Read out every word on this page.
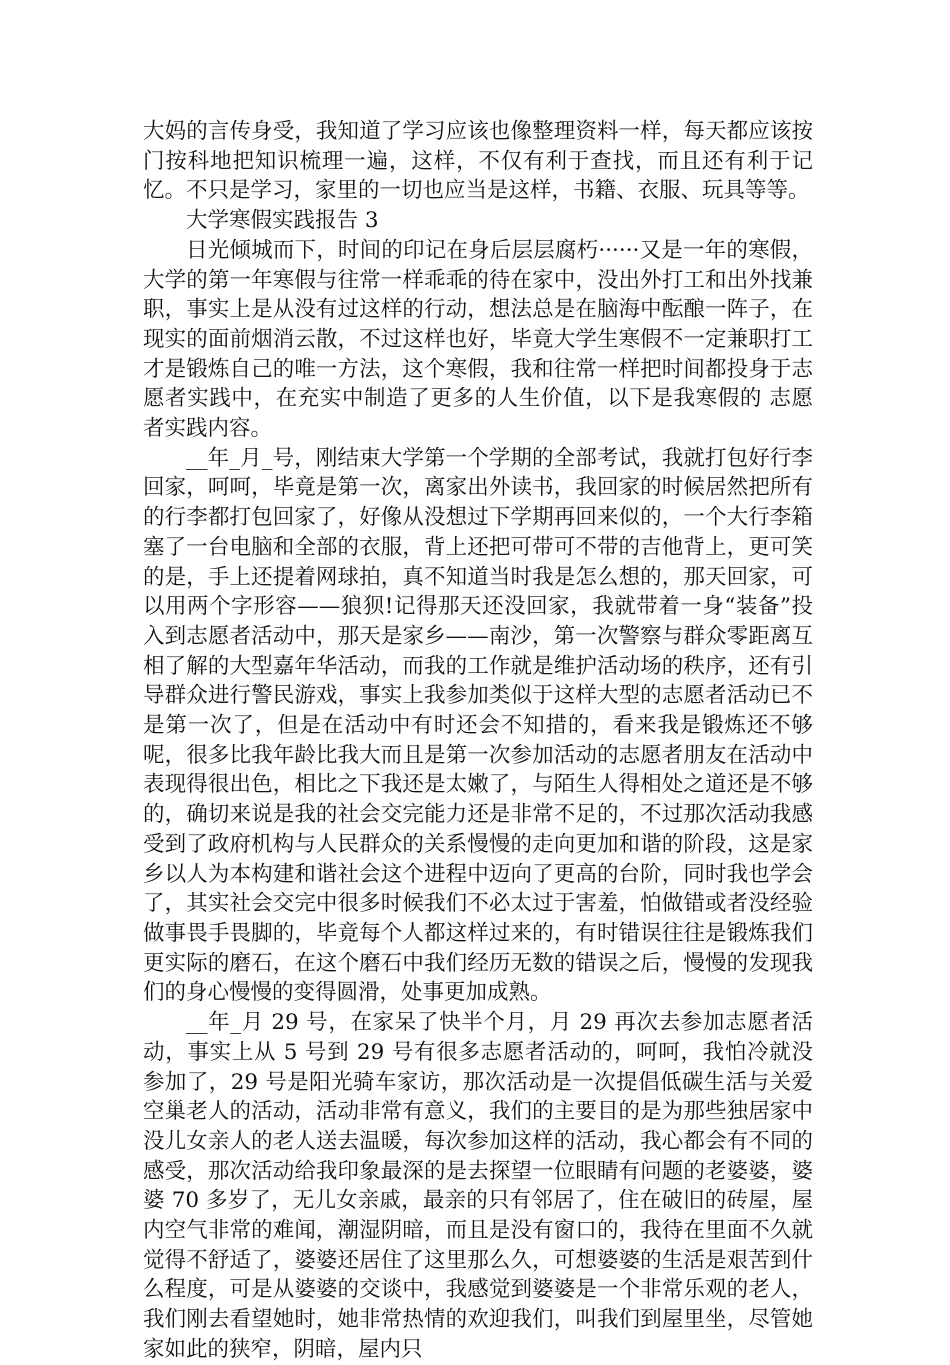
大妈的言传身受，我知道了学习应该也像整理资料一样，每天都应该按门按科地把知识梳理一遍，这样，不仅有利于查找，而且还有利于记忆。不只是学习，家里的一切也应当是这样，书籍、衣服、玩具等等。

大学寒假实践报告 3

日光倾城而下，时间的印记在身后层层腐朽······又是一年的寒假，大学的第一年寒假与往常一样乖乖的待在家中，没出外打工和出外找兼职，事实上是从没有过这样的行动，想法总是在脑海中酝酿一阵子，在现实的面前烟消云散，不过这样也好，毕竟大学生寒假不一定兼职打工才是锻炼自己的唯一方法，这个寒假，我和往常一样把时间都投身于志愿者实践中，在充实中制造了更多的人生价值，以下是我寒假的 志愿者实践内容。

__年_月_号，刚结束大学第一个学期的全部考试，我就打包好行李回家，呵呵，毕竟是第一次，离家出外读书，我回家的时候居然把所有的行李都打包回家了，好像从没想过下学期再回来似的，一个大行李箱塞了一台电脑和全部的衣服，背上还把可带可不带的吉他背上，更可笑的是，手上还提着网球拍，真不知道当时我是怎么想的，那天回家，可以用两个字形容——狼狈!记得那天还没回家，我就带着一身“装备”投入到志愿者活动中，那天是家乡——南沙，第一次警察与群众零距离互相了解的大型嘉年华活动，而我的工作就是维护活动场的秩序，还有引导群众进行警民游戏，事实上我参加类似于这样大型的志愿者活动已不是第一次了，但是在活动中有时还会不知措的，看来我是锻炼还不够呢，很多比我年龄比我大而且是第一次参加活动的志愿者朋友在活动中表现得很出色，相比之下我还是太嫩了，与陌生人得相处之道还是不够的，确切来说是我的社会交完能力还是非常不足的，不过那次活动我感受到了政府机构与人民群众的关系慢慢的走向更加和谐的阶段，这是家乡以人为本构建和谐社会这个进程中迈向了更高的台阶，同时我也学会了，其实社会交完中很多时候我们不必太过于害羞，怕做错或者没经验做事畏手畏脚的，毕竟每个人都这样过来的，有时错误往往是锻炼我们更实际的磨石，在这个磨石中我们经历无数的错误之后，慢慢的发现我们的身心慢慢的变得圆滑，处事更加成熟。

__年_月 29 号，在家呆了快半个月，月 29 再次去参加志愿者活动，事实上从 5 号到 29 号有很多志愿者活动的，呵呵，我怕冷就没参加了，29 号是阳光骑车家访，那次活动是一次提倡低碳生活与关爱空巢老人的活动，活动非常有意义，我们的主要目的是为那些独居家中没儿女亲人的老人送去温暖，每次参加这样的活动，我心都会有不同的感受，那次活动给我印象最深的是去探望一位眼睛有问题的老婆婆，婆婆 70 多岁了，无儿女亲戚，最亲的只有邻居了，住在破旧的砖屋，屋内空气非常的难闻，潮湿阴暗，而且是没有窗口的，我待在里面不久就觉得不舒适了，婆婆还居住了这里那么久，可想婆婆的生活是艰苦到什么程度，可是从婆婆的交谈中，我感觉到婆婆是一个非常乐观的老人，我们刚去看望她时，她非常热情的欢迎我们，叫我们到屋里坐，尽管她家如此的狭窄，阴暗，屋内只
